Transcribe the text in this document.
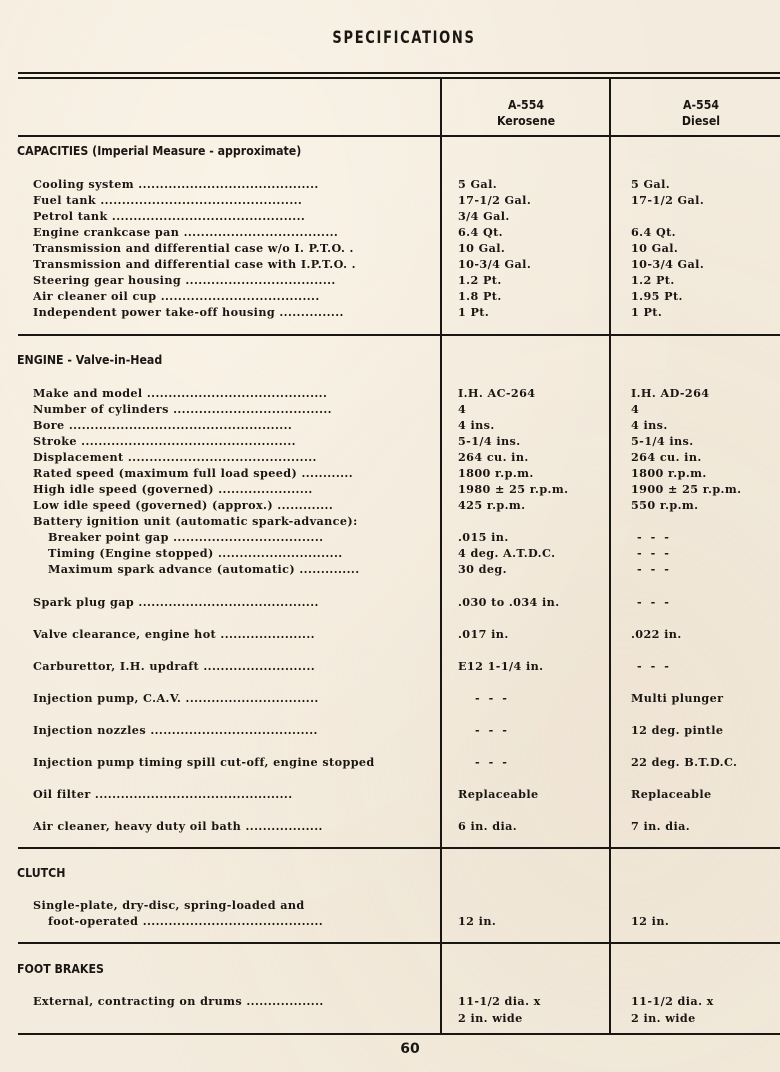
SPECIFICATIONS
A-554
Kerosene
A-554
Diesel
CAPACITIES (Imperial Measure - approximate)
Cooling system ..........................................	5 Gal.	5 Gal.
Fuel tank ...............................................	17-1/2 Gal.	17-1/2 Gal.
Petrol tank .............................................	3/4 Gal.
Engine crankcase pan ....................................	6.4 Qt.	6.4 Qt.
Transmission and differential case w/o I. P.T.O. .	10 Gal.	10 Gal.
Transmission and differential case with I.P.T.O. .	10-3/4 Gal.	10-3/4 Gal.
Steering gear housing ...................................	1.2 Pt.	1.2 Pt.
Air cleaner oil cup .....................................	1.8 Pt.	1.95 Pt.
Independent power take-off housing ...............	1 Pt.	1 Pt.
ENGINE - Valve-in-Head
Make and model ..........................................	I.H. AC-264	I.H. AD-264
Number of cylinders .....................................	4	4
Bore ....................................................	4 ins.	4 ins.
Stroke ..................................................	5-1/4 ins.	5-1/4 ins.
Displacement ............................................	264 cu. in.	264 cu. in.
Rated speed (maximum full load speed) ............	1800 r.p.m.	1800 r.p.m.
High idle speed (governed) ......................	1980 ± 25 r.p.m.	1900 ± 25 r.p.m.
Low idle speed (governed) (approx.) .............	425 r.p.m.	550 r.p.m.
Battery ignition unit (automatic spark-advance):
Breaker point gap ...................................	.015 in.	-  -  -
Timing (Engine stopped) .............................	4 deg. A.T.D.C.	-  -  -
Maximum spark advance (automatic) ..............	30 deg.	-  -  -
Spark plug gap ..........................................	.030 to .034 in.	-  -  -
Valve clearance, engine hot ......................	.017 in.	.022 in.
Carburettor, I.H. updraft ..........................	E12 1-1/4 in.	-  -  -
Injection pump, C.A.V. ...............................	-  -  -	Multi plunger
Injection nozzles .......................................	-  -  -	12 deg. pintle
Injection pump timing spill cut-off, engine stopped	-  -  -	22 deg. B.T.D.C.
Oil filter ..............................................	Replaceable	Replaceable
Air cleaner, heavy duty oil bath ..................	6 in. dia.	7 in. dia.
CLUTCH
Single-plate, dry-disc, spring-loaded and
foot-operated ..........................................	12 in.	12 in.
FOOT BRAKES
External, contracting on drums ..................	11-1/2 dia. x	11-1/2 dia. x
2 in. wide	2 in. wide
60
